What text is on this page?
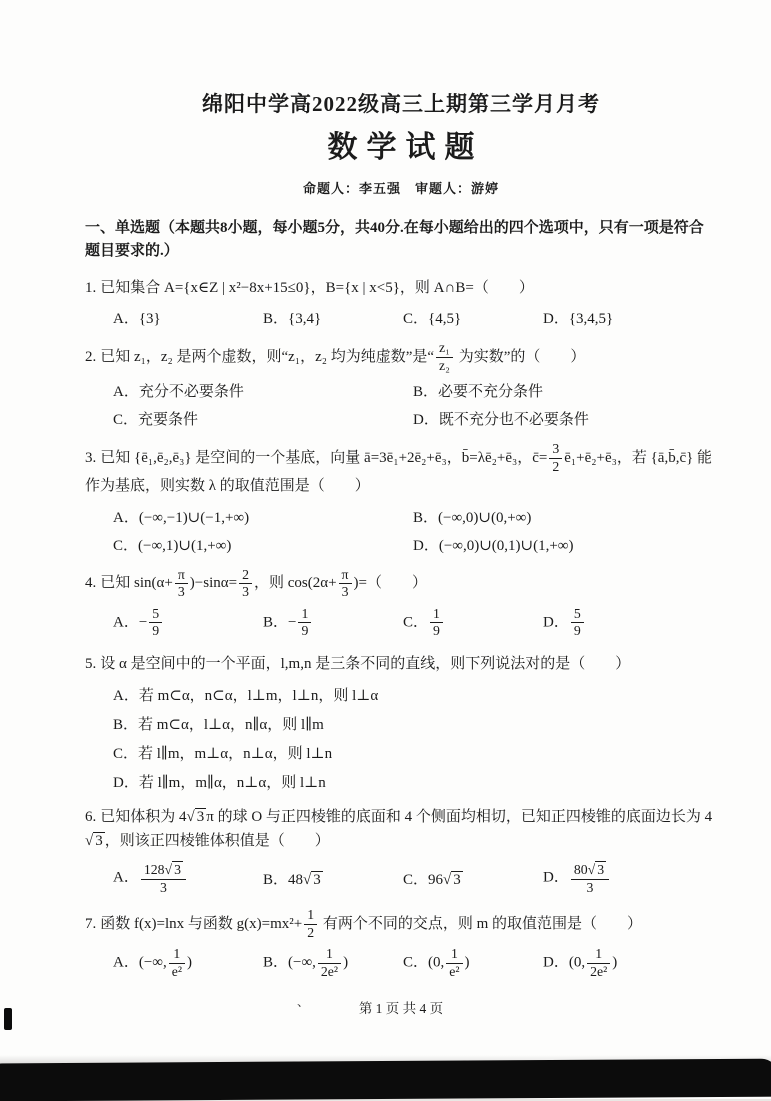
绵阳中学高2022级高三上期第三学月月考
数学试题
命题人：李五强　审题人：游婷
一、单选题（本题共8小题，每小题5分，共40分.在每小题给出的四个选项中，只有一项是符合题目要求的.）
1. 已知集合 A={x∈Z | x²−8x+15≤0}，B={x | x<5}，则 A∩B=（　　）
A．{3}	B．{3,4}	C．{4,5}	D．{3,4,5}
2. 已知 z₁，z₂ 是两个虚数，则“z₁，z₂ 均为纯虚数”是“ $\frac{\text{z₁}}{\text{z₂}}$ 为实数”的（　　）
A．充分不必要条件	B．必要不充分条件
C．充要条件	D．既不充分也不必要条件
3. 已知 {ē₁,ē₂,ē₃} 是空间的一个基底，向量 ā=3ē₁+2ē₂+ē₃，b̄=λē₂+ē₃，c̄= $\frac{3}{2}$ ē₁+ē₂+ē₃，若 {ā,b̄,c̄} 能作为基底，则实数 λ 的取值范围是（　　）
A．(−∞,−1)∪(−1,+∞)	B．(−∞,0)∪(0,+∞)
C．(−∞,1)∪(1,+∞)	D．(−∞,0)∪(0,1)∪(1,+∞)
4. 已知 $\sin(\alpha+ \frac{\pi}{3} )-\sin\alpha= \frac{2}{3}$ ，则 $\cos(2\alpha+ \frac{\pi}{3}$ )=（　　）
A．− $\frac{5}{9}$	B．− $\frac{1}{9}$	C． $\frac{1}{9}$	D． $\frac{5}{9}$
5. 设 α 是空间中的一个平面，l,m,n 是三条不同的直线，则下列说法对的是（　　）
A．若 m⊂α，n⊂α，l⊥m，l⊥n，则 l⊥α
B．若 m⊂α，l⊥α，n∥α，则 l∥m
C．若 l∥m，m⊥α，n⊥α，则 l⊥n
D．若 l∥m，m∥α，n⊥α，则 l⊥n
6. 已知体积为 4√ 3 π 的球 O 与正四棱锥的底面和 4 个侧面均相切，已知正四棱锥的底面边长为 4√ 3 ，则该正四棱锥体积值是（　　）
A． $\frac{128√ 3}{3}$	B．48√ 3	C．96√ 3	D． $\frac{80√ 3}{3}$
7. 函数 f(x)=lnx 与函数 $g(x)=mx^2+ \frac{1}{2}$ 有两个不同的交点，则 m 的取值范围是（　　）
A．(−∞, $\frac{1}{\text{e²}}$ )	B．(−∞, $\frac{1}{\text{2e²}}$ )	C．(0, $\frac{1}{\text{e²}}$ )	D．(0, $\frac{1}{\text{2e²}}$ )
、	第 1 页 共 4 页
